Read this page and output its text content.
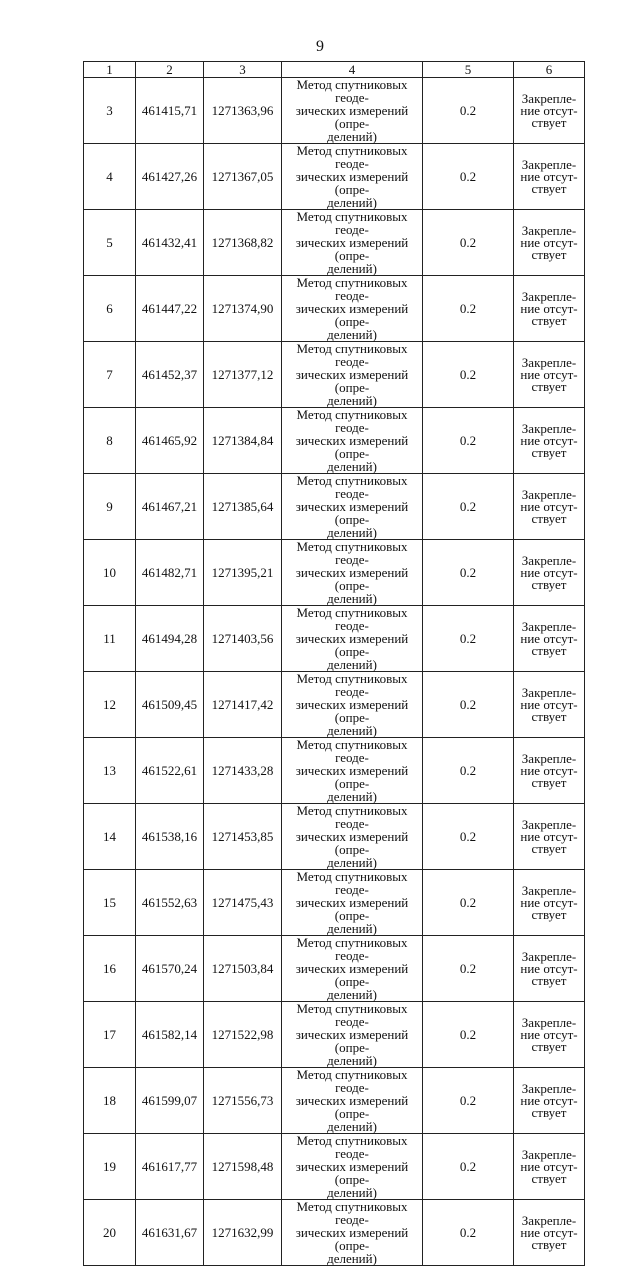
9
1	2	3	4	5	6
3	461415,71	1271363,96	Метод спутниковых геоде-
зических измерений (опре-
делений)	0.2	Закрепле-
ние отсут-
ствует

4	461427,26	1271367,05	Метод спутниковых геоде-
зических измерений (опре-
делений)	0.2	Закрепле-
ние отсут-
ствует

5	461432,41	1271368,82	Метод спутниковых геоде-
зических измерений (опре-
делений)	0.2	Закрепле-
ние отсут-
ствует

6	461447,22	1271374,90	Метод спутниковых геоде-
зических измерений (опре-
делений)	0.2	Закрепле-
ние отсут-
ствует

7	461452,37	1271377,12	Метод спутниковых геоде-
зических измерений (опре-
делений)	0.2	Закрепле-
ние отсут-
ствует

8	461465,92	1271384,84	Метод спутниковых геоде-
зических измерений (опре-
делений)	0.2	Закрепле-
ние отсут-
ствует

9	461467,21	1271385,64	Метод спутниковых геоде-
зических измерений (опре-
делений)	0.2	Закрепле-
ние отсут-
ствует

10	461482,71	1271395,21	Метод спутниковых геоде-
зических измерений (опре-
делений)	0.2	Закрепле-
ние отсут-
ствует

11	461494,28	1271403,56	Метод спутниковых геоде-
зических измерений (опре-
делений)	0.2	Закрепле-
ние отсут-
ствует

12	461509,45	1271417,42	Метод спутниковых геоде-
зических измерений (опре-
делений)	0.2	Закрепле-
ние отсут-
ствует

13	461522,61	1271433,28	Метод спутниковых геоде-
зических измерений (опре-
делений)	0.2	Закрепле-
ние отсут-
ствует

14	461538,16	1271453,85	Метод спутниковых геоде-
зических измерений (опре-
делений)	0.2	Закрепле-
ние отсут-
ствует

15	461552,63	1271475,43	Метод спутниковых геоде-
зических измерений (опре-
делений)	0.2	Закрепле-
ние отсут-
ствует

16	461570,24	1271503,84	Метод спутниковых геоде-
зических измерений (опре-
делений)	0.2	Закрепле-
ние отсут-
ствует

17	461582,14	1271522,98	Метод спутниковых геоде-
зических измерений (опре-
делений)	0.2	Закрепле-
ние отсут-
ствует

18	461599,07	1271556,73	Метод спутниковых геоде-
зических измерений (опре-
делений)	0.2	Закрепле-
ние отсут-
ствует

19	461617,77	1271598,48	Метод спутниковых геоде-
зических измерений (опре-
делений)	0.2	Закрепле-
ние отсут-
ствует

20	461631,67	1271632,99	Метод спутниковых геоде-
зических измерений (опре-
делений)	0.2	Закрепле-
ние отсут-
ствует
